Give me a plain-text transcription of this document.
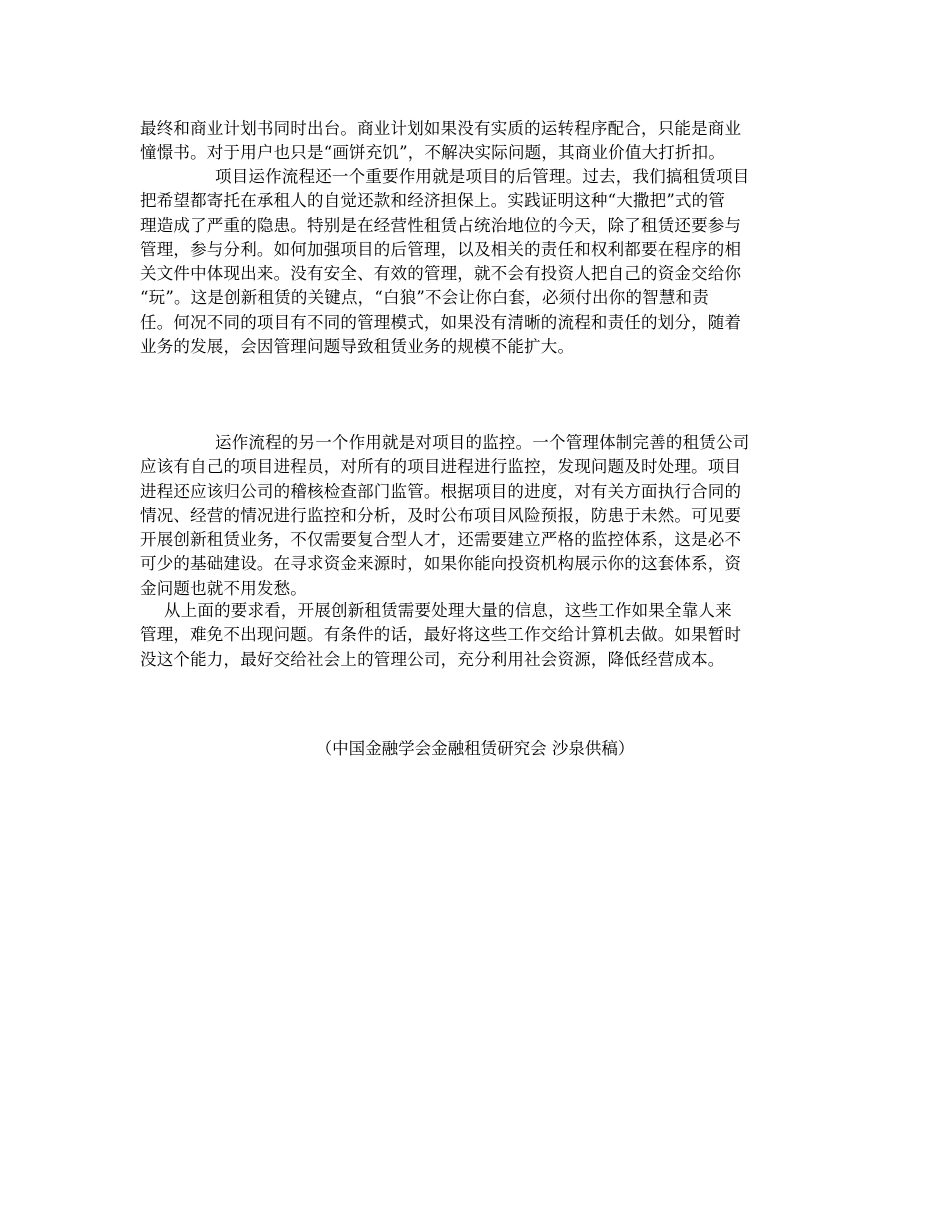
最终和商业计划书同时出台。商业计划如果没有实质的运转程序配合，只能是商业
憧憬书。对于用户也只是“画饼充饥”，不解决实际问题，其商业价值大打折扣。
项目运作流程还一个重要作用就是项目的后管理。过去，我们搞租赁项目
把希望都寄托在承租人的自觉还款和经济担保上。实践证明这种“大撒把”式的管
理造成了严重的隐患。特别是在经营性租赁占统治地位的今天，除了租赁还要参与
管理，参与分利。如何加强项目的后管理，以及相关的责任和权利都要在程序的相
关文件中体现出来。没有安全、有效的管理，就不会有投资人把自己的资金交给你
“玩”。这是创新租赁的关键点，“白狼”不会让你白套，必须付出你的智慧和责
任。何况不同的项目有不同的管理模式，如果没有清晰的流程和责任的划分，随着
业务的发展，会因管理问题导致租赁业务的规模不能扩大。
运作流程的另一个作用就是对项目的监控。一个管理体制完善的租赁公司
应该有自己的项目进程员，对所有的项目进程进行监控，发现问题及时处理。项目
进程还应该归公司的稽核检查部门监管。根据项目的进度，对有关方面执行合同的
情况、经营的情况进行监控和分析，及时公布项目风险预报，防患于未然。可见要
开展创新租赁业务，不仅需要复合型人才，还需要建立严格的监控体系，这是必不
可少的基础建设。在寻求资金来源时，如果你能向投资机构展示你的这套体系，资
金问题也就不用发愁。
从上面的要求看，开展创新租赁需要处理大量的信息，这些工作如果全靠人来
管理，难免不出现问题。有条件的话，最好将这些工作交给计算机去做。如果暂时
没这个能力，最好交给社会上的管理公司，充分利用社会资源，降低经营成本。
（中国金融学会金融租赁研究会 沙泉供稿）
